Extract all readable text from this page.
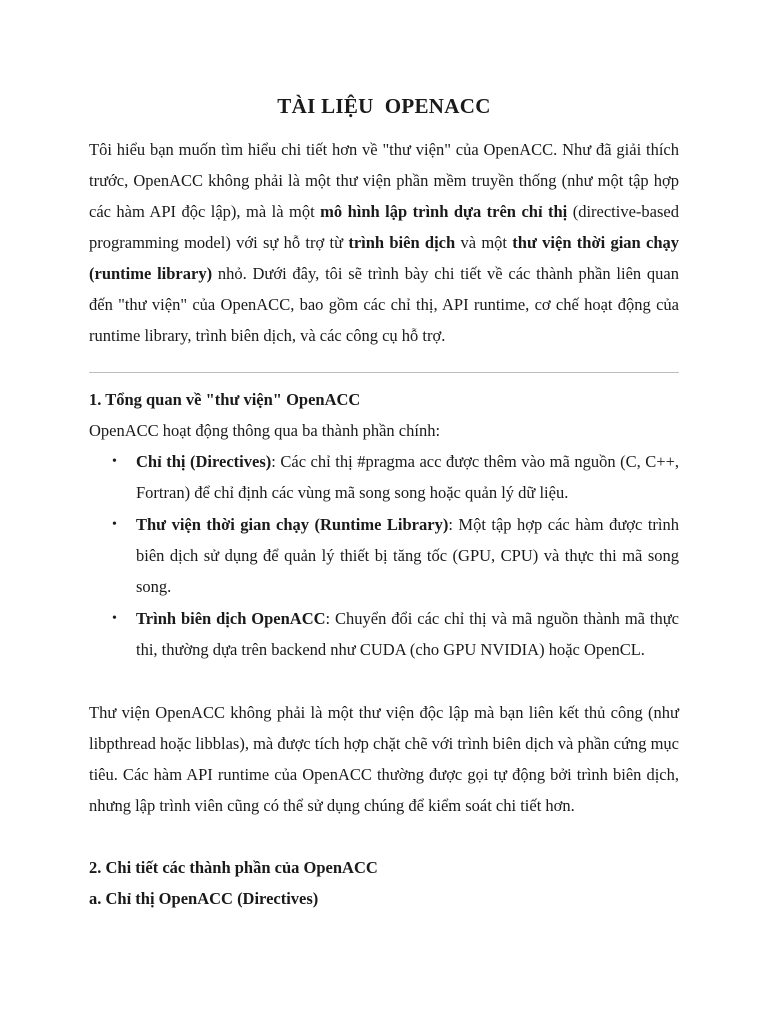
TÀI LIỆU  OPENACC
Tôi hiểu bạn muốn tìm hiểu chi tiết hơn về "thư viện" của OpenACC. Như đã giải thích trước, OpenACC không phải là một thư viện phần mềm truyền thống (như một tập hợp các hàm API độc lập), mà là một mô hình lập trình dựa trên chỉ thị (directive-based programming model) với sự hỗ trợ từ trình biên dịch và một thư viện thời gian chạy (runtime library) nhỏ. Dưới đây, tôi sẽ trình bày chi tiết về các thành phần liên quan đến "thư viện" của OpenACC, bao gồm các chỉ thị, API runtime, cơ chế hoạt động của runtime library, trình biên dịch, và các công cụ hỗ trợ.
1. Tổng quan về "thư viện" OpenACC
OpenACC hoạt động thông qua ba thành phần chính:
• Chỉ thị (Directives): Các chỉ thị #pragma acc được thêm vào mã nguồn (C, C++, Fortran) để chỉ định các vùng mã song song hoặc quản lý dữ liệu.
• Thư viện thời gian chạy (Runtime Library): Một tập hợp các hàm được trình biên dịch sử dụng để quản lý thiết bị tăng tốc (GPU, CPU) và thực thi mã song song.
• Trình biên dịch OpenACC: Chuyển đổi các chỉ thị và mã nguồn thành mã thực thi, thường dựa trên backend như CUDA (cho GPU NVIDIA) hoặc OpenCL.
Thư viện OpenACC không phải là một thư viện độc lập mà bạn liên kết thủ công (như libpthread hoặc libblas), mà được tích hợp chặt chẽ với trình biên dịch và phần cứng mục tiêu. Các hàm API runtime của OpenACC thường được gọi tự động bởi trình biên dịch, nhưng lập trình viên cũng có thể sử dụng chúng để kiểm soát chi tiết hơn.
2. Chi tiết các thành phần của OpenACC
a. Chỉ thị OpenACC (Directives)
